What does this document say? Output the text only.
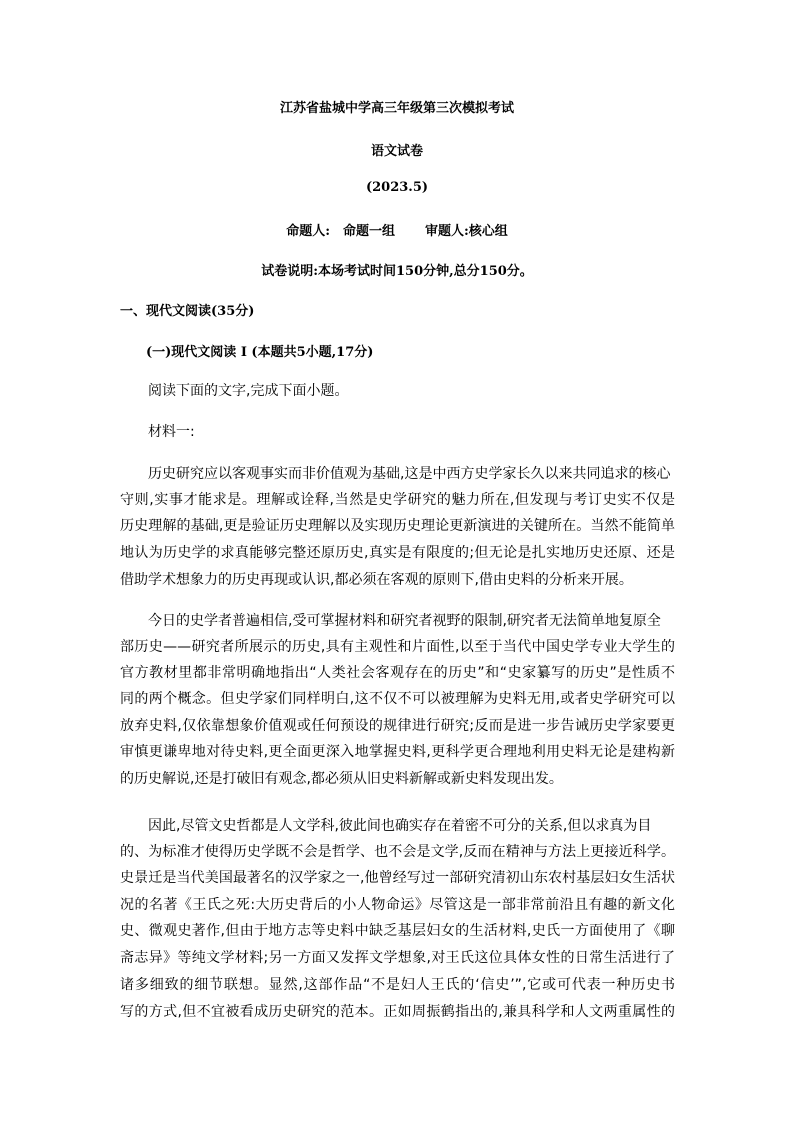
江苏省盐城中学高三年级第三次模拟考试
语文试卷
(2023.5)
命题人:　命题一组 审题人:核心组
试卷说明:本场考试时间150分钟,总分150分。
一、现代文阅读(35分)
(一)现代文阅读 I (本题共5小题,17分)
阅读下面的文字,完成下面小题。
材料一:
历史研究应以客观事实而非价值观为基础,这是中西方史学家长久以来共同追求的核心
守则,实事才能求是。理解或诠释,当然是史学研究的魅力所在,但发现与考订史实不仅是
历史理解的基础,更是验证历史理解以及实现历史理论更新演进的关键所在。当然不能简单
地认为历史学的求真能够完整还原历史,真实是有限度的;但无论是扎实地历史还原、还是
借助学术想象力的历史再现或认识,都必须在客观的原则下,借由史料的分析来开展。
今日的史学者普遍相信,受可掌握材料和研究者视野的限制,研究者无法简单地复原全
部历史——研究者所展示的历史,具有主观性和片面性,以至于当代中国史学专业大学生的
官方教材里都非常明确地指出“人类社会客观存在的历史”和“史家纂写的历史”是性质不
同的两个概念。但史学家们同样明白,这不仅不可以被理解为史料无用,或者史学研究可以
放弃史料,仅依靠想象价值观或任何预设的规律进行研究;反而是进一步告诫历史学家要更
审慎更谦卑地对待史料,更全面更深入地掌握史料,更科学更合理地利用史料无论是建构新
的历史解说,还是打破旧有观念,都必须从旧史料新解或新史料发现出发。
因此,尽管文史哲都是人文学科,彼此间也确实存在着密不可分的关系,但以求真为目
的、为标准才使得历史学既不会是哲学、也不会是文学,反而在精神与方法上更接近科学。
史景迁是当代美国最著名的汉学家之一,他曾经写过一部研究清初山东农村基层妇女生活状
况的名著《王氏之死:大历史背后的小人物命运》尽管这是一部非常前沿且有趣的新文化
史、微观史著作,但由于地方志等史料中缺乏基层妇女的生活材料,史氏一方面使用了《聊
斋志异》等纯文学材料;另一方面又发挥文学想象,对王氏这位具体女性的日常生活进行了
诸多细致的细节联想。显然,这部作品“不是妇人王氏的‘信史’”,它或可代表一种历史书
写的方式,但不宜被看成历史研究的范本。正如周振鹤指出的,兼具科学和人文两重属性的
